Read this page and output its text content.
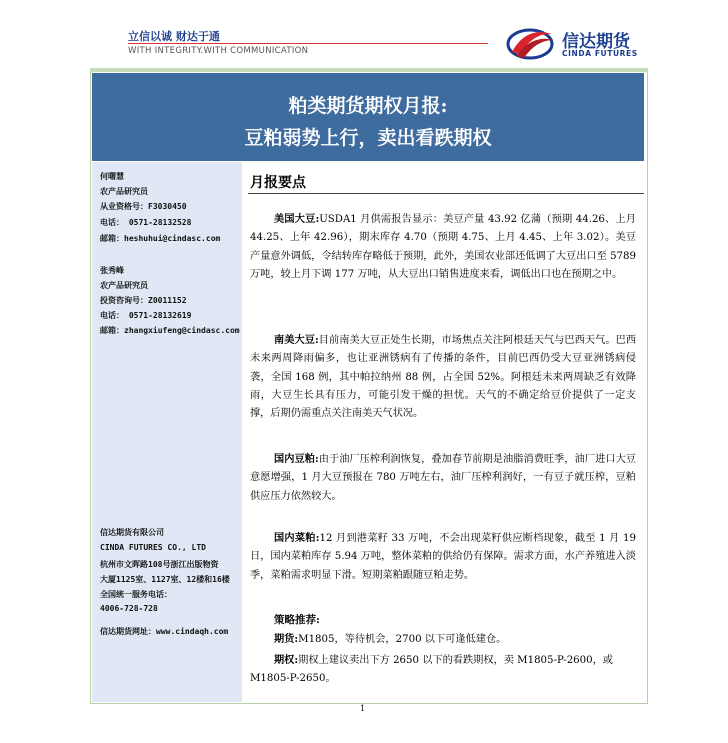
立信以诚 财达于通
WITH INTEGRITY.WITH COMMUNICATION	信达期货
CINDA FUTURES
粕类期货期权月报:
豆粕弱势上行，卖出看跌期权
何曙慧
农产品研究员
从业资格号：F3030450
电话： 0571-28132528
邮箱：heshuhui@cindasc.com
张秀峰
农产品研究员
投资咨询号：Z0011152
电话： 0571-28132619
邮箱：zhangxiufeng@cindasc.com
信达期货有限公司
CINDA FUTURES CO., LTD
杭州市文晖路108号浙江出版物资
大厦1125室、1127室、12楼和16楼
全国统一服务电话：
4006-728-728
信达期货网址：www.cindaqh.com
月报要点
美国大豆:USDA1 月供需报告显示：美豆产量 43.92 亿蒲（预期 44.26、上月 44.25、上年 42.96），期末库存 4.70（预期 4.75、上月 4.45、上年 3.02）。美豆产量意外调低，令结转库存略低于预期，此外，美国农业部还低调了大豆出口至 5789 万吨，较上月下调 177 万吨，从大豆出口销售进度来看，调低出口也在预期之中。
南美大豆:目前南美大豆正处生长期，市场焦点关注阿根廷天气与巴西天气。巴西未来两周降雨偏多，也让亚洲锈病有了传播的条件，目前巴西仍受大豆亚洲锈病侵袭，全国 168 例，其中帕拉纳州 88 例，占全国 52%。阿根廷未来两周缺乏有效降雨，大豆生长具有压力，可能引发干燥的担忧。天气的不确定给豆价提供了一定支撑，后期仍需重点关注南美天气状况。
国内豆粕:由于油厂压榨利润恢复，叠加春节前期是油脂消费旺季，油厂进口大豆意愿增强，1 月大豆预报在 780 万吨左右，油厂压榨利润好，一有豆子就压榨，豆粕供应压力依然较大。
国内菜粕:12 月到港菜籽 33 万吨，不会出现菜籽供应断档现象，截至 1 月 19 日，国内菜粕库存 5.94 万吨，整体菜粕的供给仍有保障。需求方面，水产养殖进入淡季，菜粕需求明显下滑。短期菜粕跟随豆粕走势。
策略推荐:
期货:M1805，等待机会，2700 以下可逢低建仓。
期权:期权上建议卖出下方 2650 以下的看跌期权，卖 M1805-P-2600，或 M1805-P-2650。
1
